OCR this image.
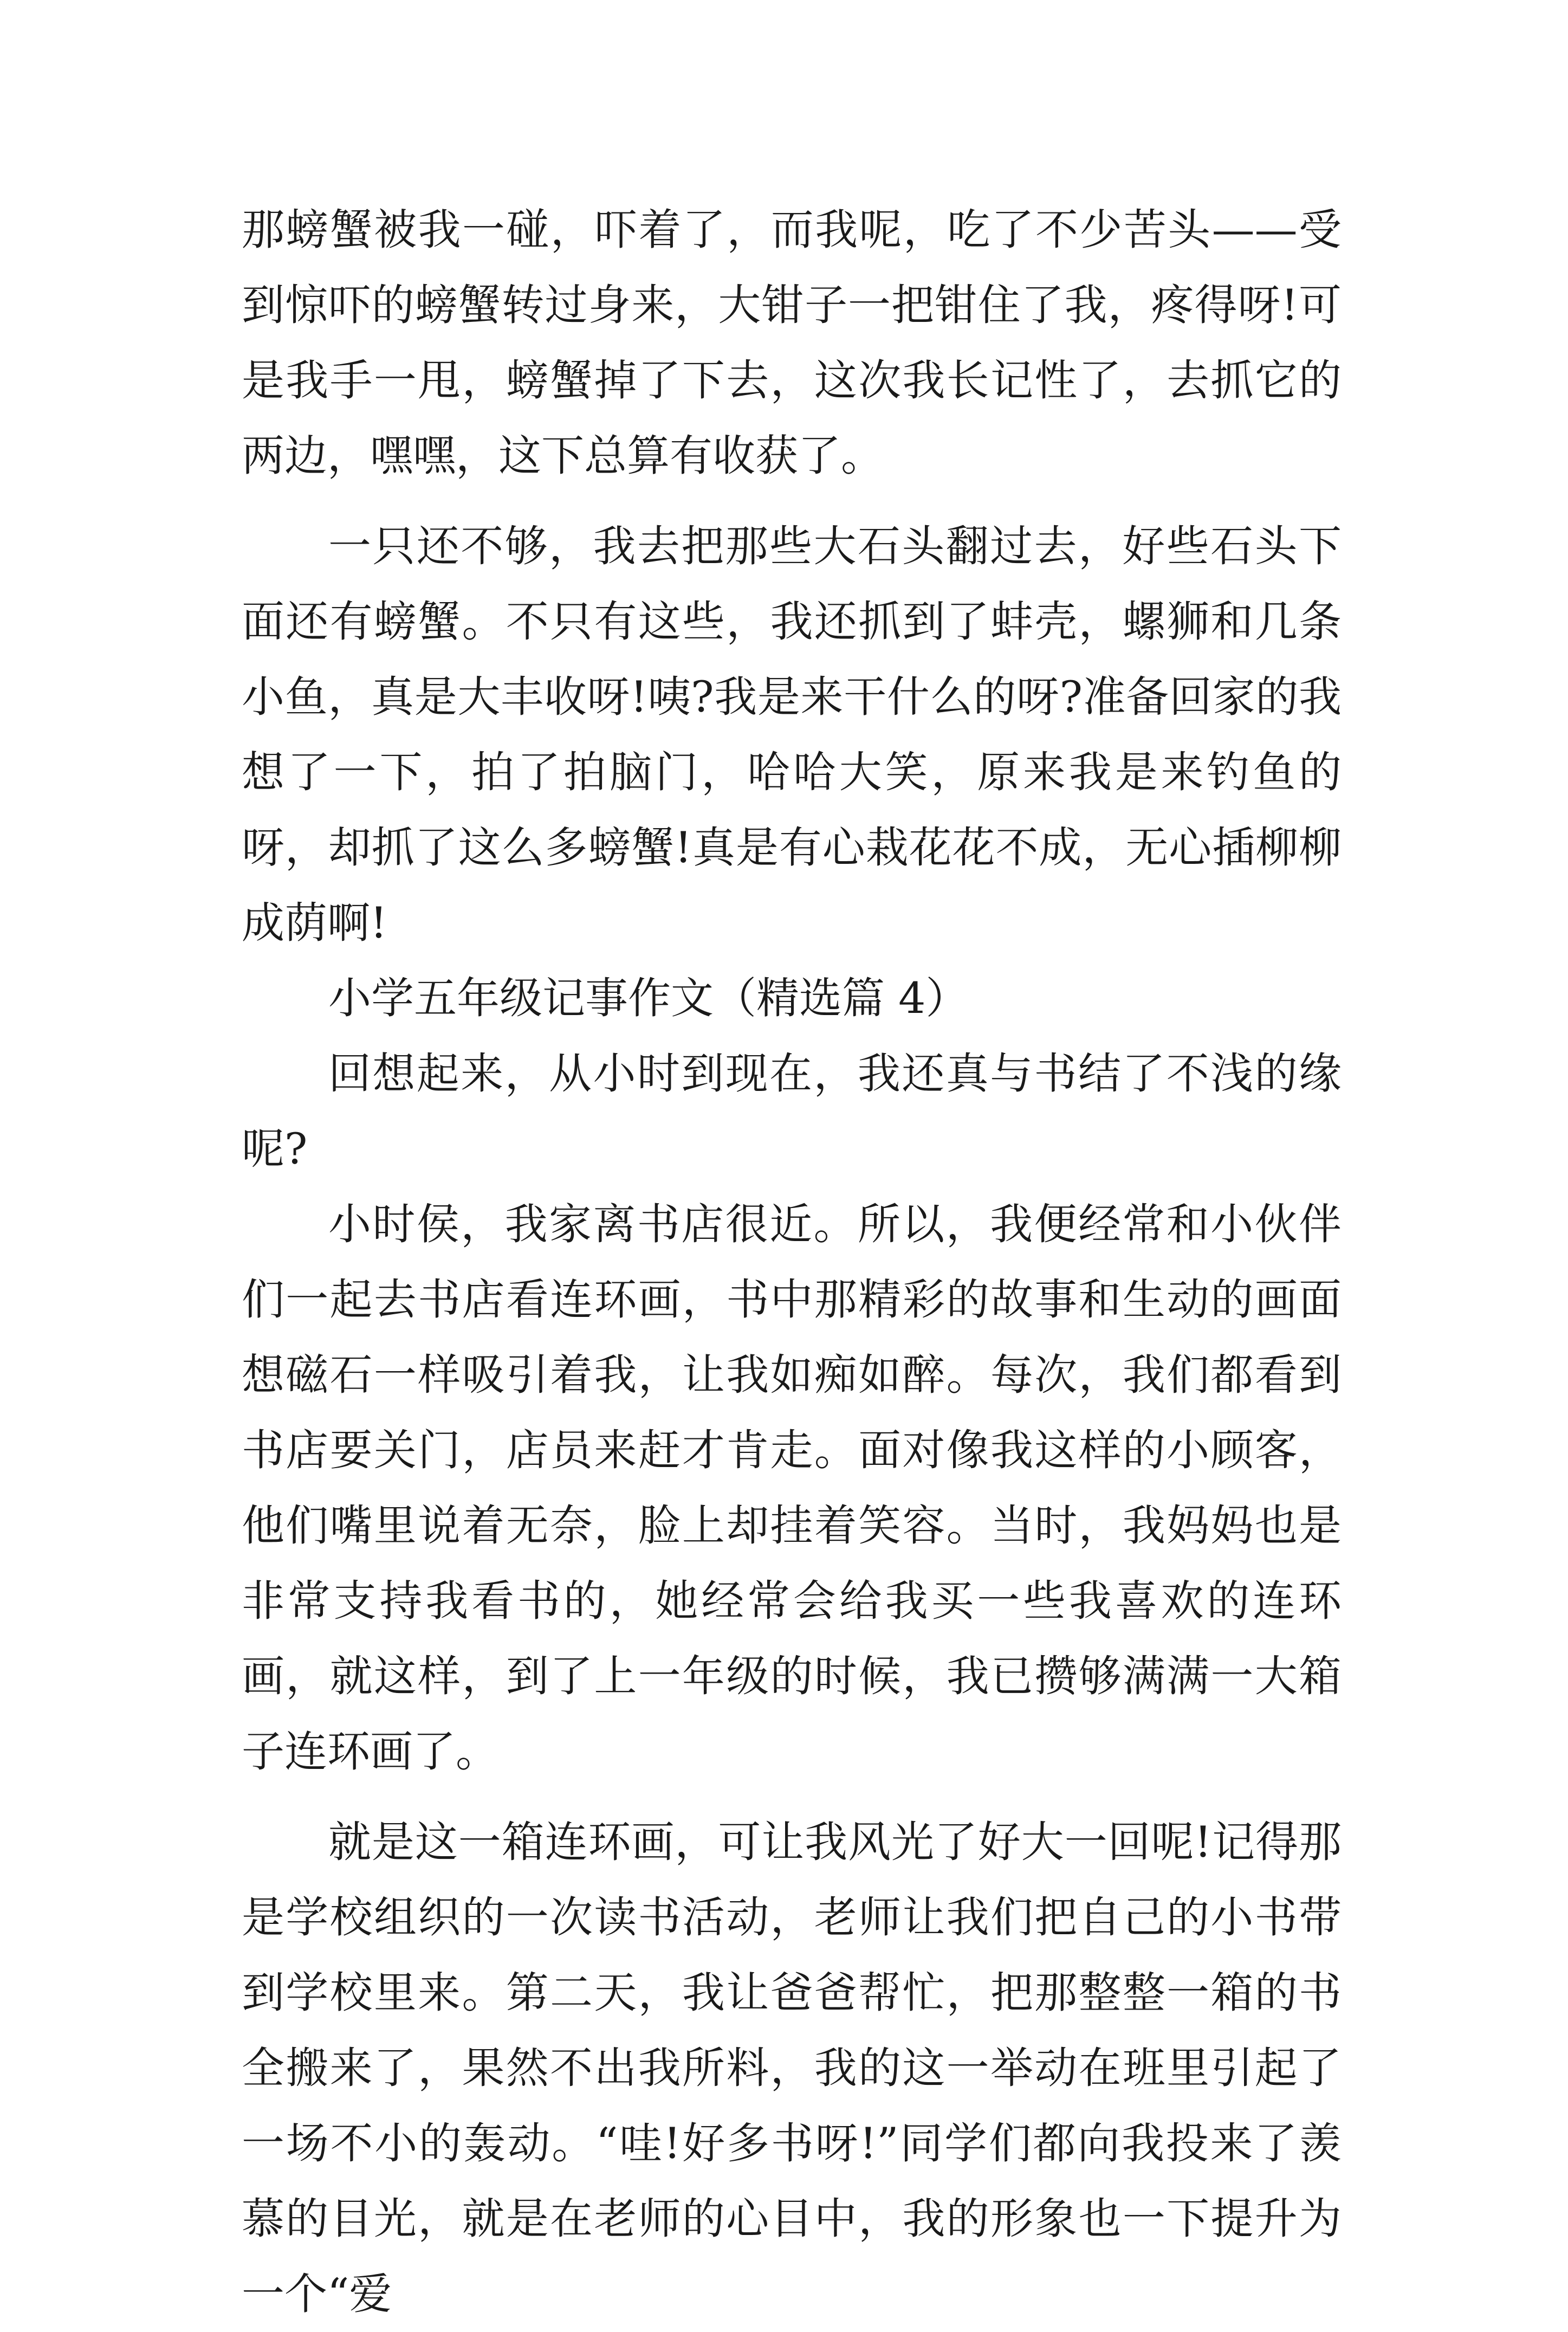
那螃蟹被我一碰，吓着了，而我呢，吃了不少苦头——受到惊吓的螃蟹转过身来，大钳子一把钳住了我，疼得呀!可是我手一甩，螃蟹掉了下去，这次我长记性了，去抓它的两边，嘿嘿，这下总算有收获了。

一只还不够，我去把那些大石头翻过去，好些石头下面还有螃蟹。不只有这些，我还抓到了蚌壳，螺狮和几条小鱼，真是大丰收呀!咦?我是来干什么的呀?准备回家的我想了一下，拍了拍脑门，哈哈大笑，原来我是来钓鱼的呀，却抓了这么多螃蟹!真是有心栽花花不成，无心插柳柳成荫啊!

小学五年级记事作文（精选篇 4）

回想起来，从小时到现在，我还真与书结了不浅的缘呢?

小时侯，我家离书店很近。所以，我便经常和小伙伴们一起去书店看连环画，书中那精彩的故事和生动的画面想磁石一样吸引着我，让我如痴如醉。每次，我们都看到书店要关门，店员来赶才肯走。面对像我这样的小顾客，他们嘴里说着无奈，脸上却挂着笑容。当时，我妈妈也是非常支持我看书的，她经常会给我买一些我喜欢的连环画，就这样，到了上一年级的时候，我已攒够满满一大箱子连环画了。

就是这一箱连环画，可让我风光了好大一回呢!记得那是学校组织的一次读书活动，老师让我们把自己的小书带到学校里来。第二天，我让爸爸帮忙，把那整整一箱的书全搬来了，果然不出我所料，我的这一举动在班里引起了一场不小的轰动。“哇!好多书呀!”同学们都向我投来了羡慕的目光，就是在老师的心目中，我的形象也一下提升为一个“爱
